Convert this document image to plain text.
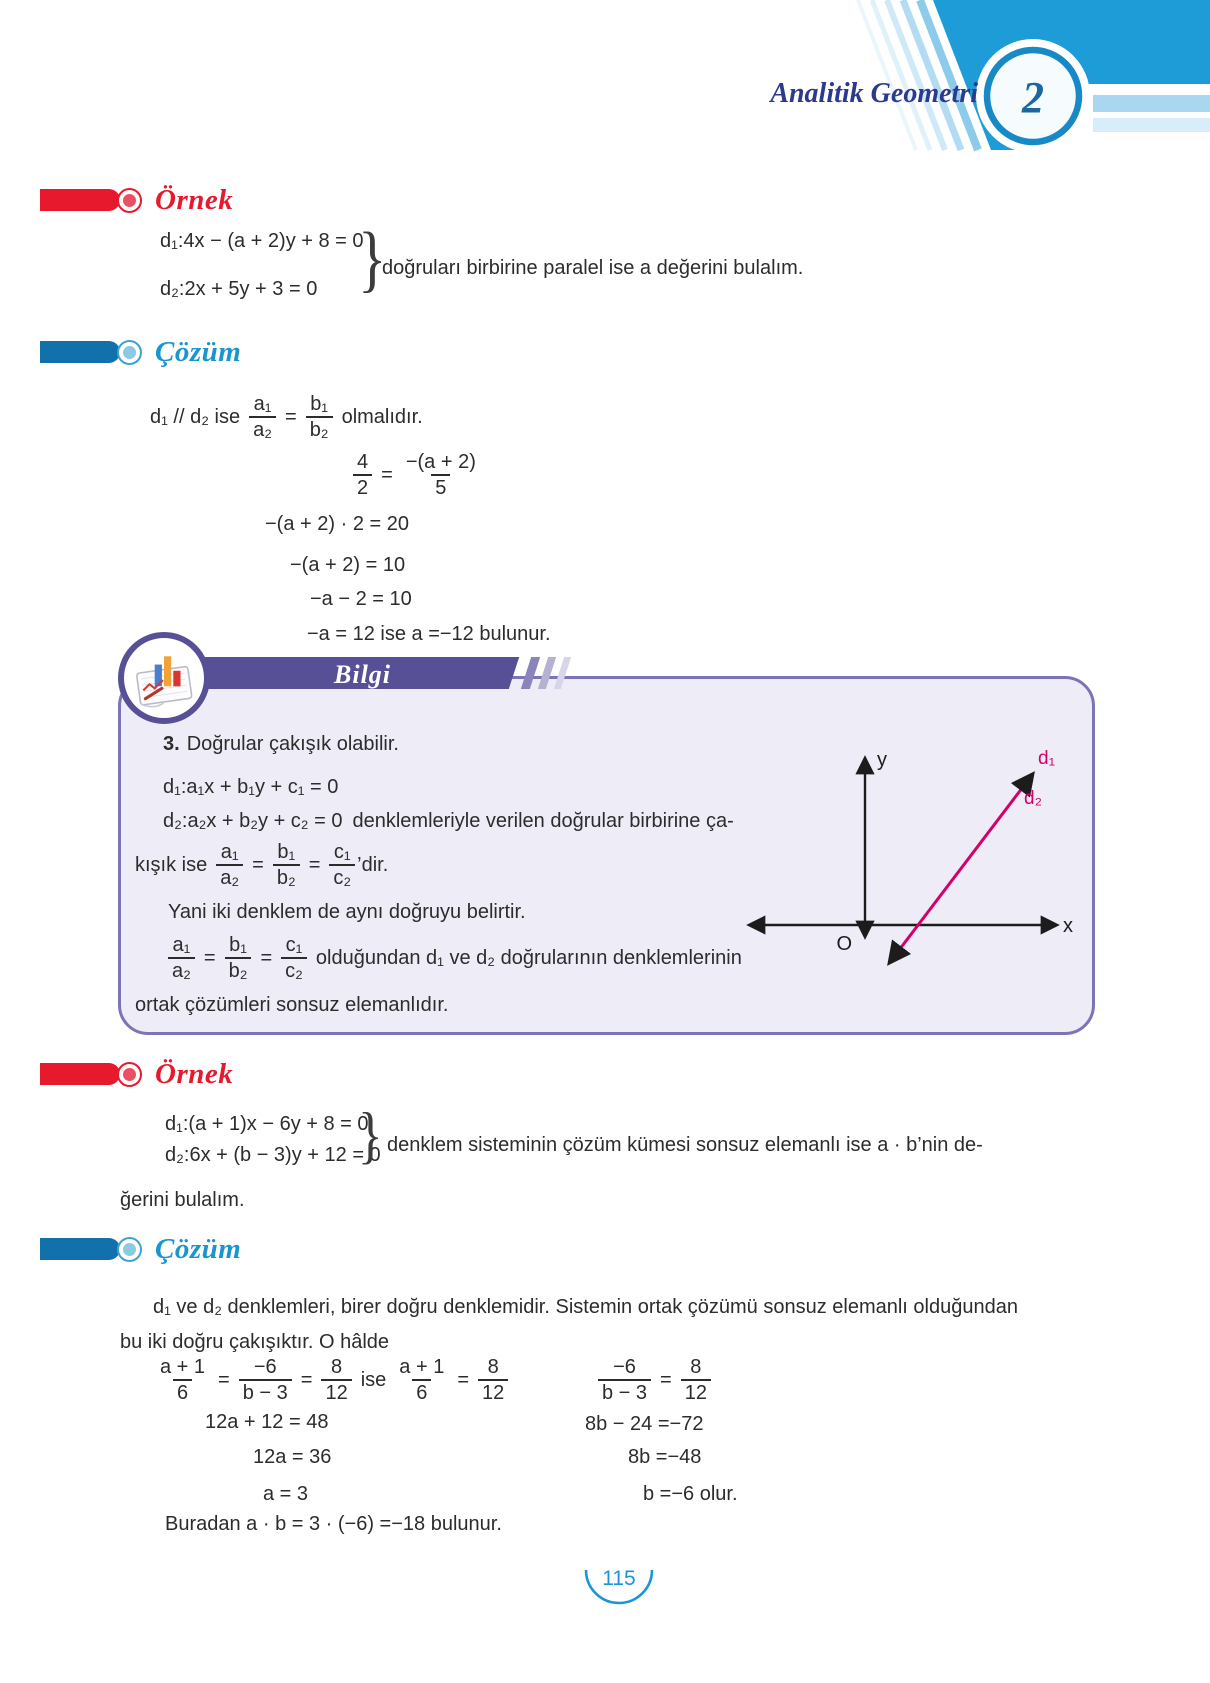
2
Analitik Geometri
Örnek
d₁:4x − (a + 2)y + 8 = 0
d₂:2x + 5y + 3 = 0 }
doğruları birbirine paralel ise a değerini bulalım.
Çözüm
d₁ // d₂ ise $\frac{\text{a₁}}{\text{a₂}} = \frac{\text{b₁}}{\text{b₂}}$ olmalıdır.
$\frac{4}{2} = \frac{-(a + 2)}{5}$
−(a + 2) · 2 = 20
−(a + 2) = 10
−a − 2 = 10
−a = 12 ise a =−12 bulunur.
Bilgi
3. Doğrular çakışık olabilir.
d₁:a₁x + b₁y + c₁ = 0
d₂:a₂x + b₂y + c₂ = 0 denklemleriyle verilen doğrular birbirine ça-
kışık ise $\frac{\text{a₁}}{\text{a₂}} = \frac{\text{b₁}}{\text{b₂}} = \frac{\text{c₁}}{\text{c₂}}$ ’dir.
Yani iki denklem de aynı doğruyu belirtir.
$\frac{\text{a₁}}{\text{a₂}} = \frac{\text{b₁}}{\text{b₂}} = \frac{\text{c₁}}{\text{c₂}}$ olduğundan d₁ ve d₂ doğrularının denklemlerinin
ortak çözümleri sonsuz elemanlıdır.
y
x
O
d₁
d₂
Örnek
d₁:(a + 1)x − 6y + 8 = 0
d₂:6x + (b − 3)y + 12 = 0
} denklem sisteminin çözüm kümesi sonsuz elemanlı ise a · b’nin de-
ğerini bulalım.
Çözüm
d₁ ve d₂ denklemleri, birer doğru denklemidir. Sistemin ortak çözümü sonsuz elemanlı olduğundan
bu iki doğru çakışıktır. O hâlde
$\frac{a + 1}{6} = \frac{-6}{b - 3} = \frac{8}{12}$ ise $\frac{a + 1}{6} = \frac{8}{12}$	$\frac{-6}{b - 3} = \frac{8}{12}$
12a + 12 = 48
12a = 36
a = 3
8b − 24 =−72
8b =−48
b =−6 olur.
Buradan a · b = 3 · (−6) =−18 bulunur.
115
